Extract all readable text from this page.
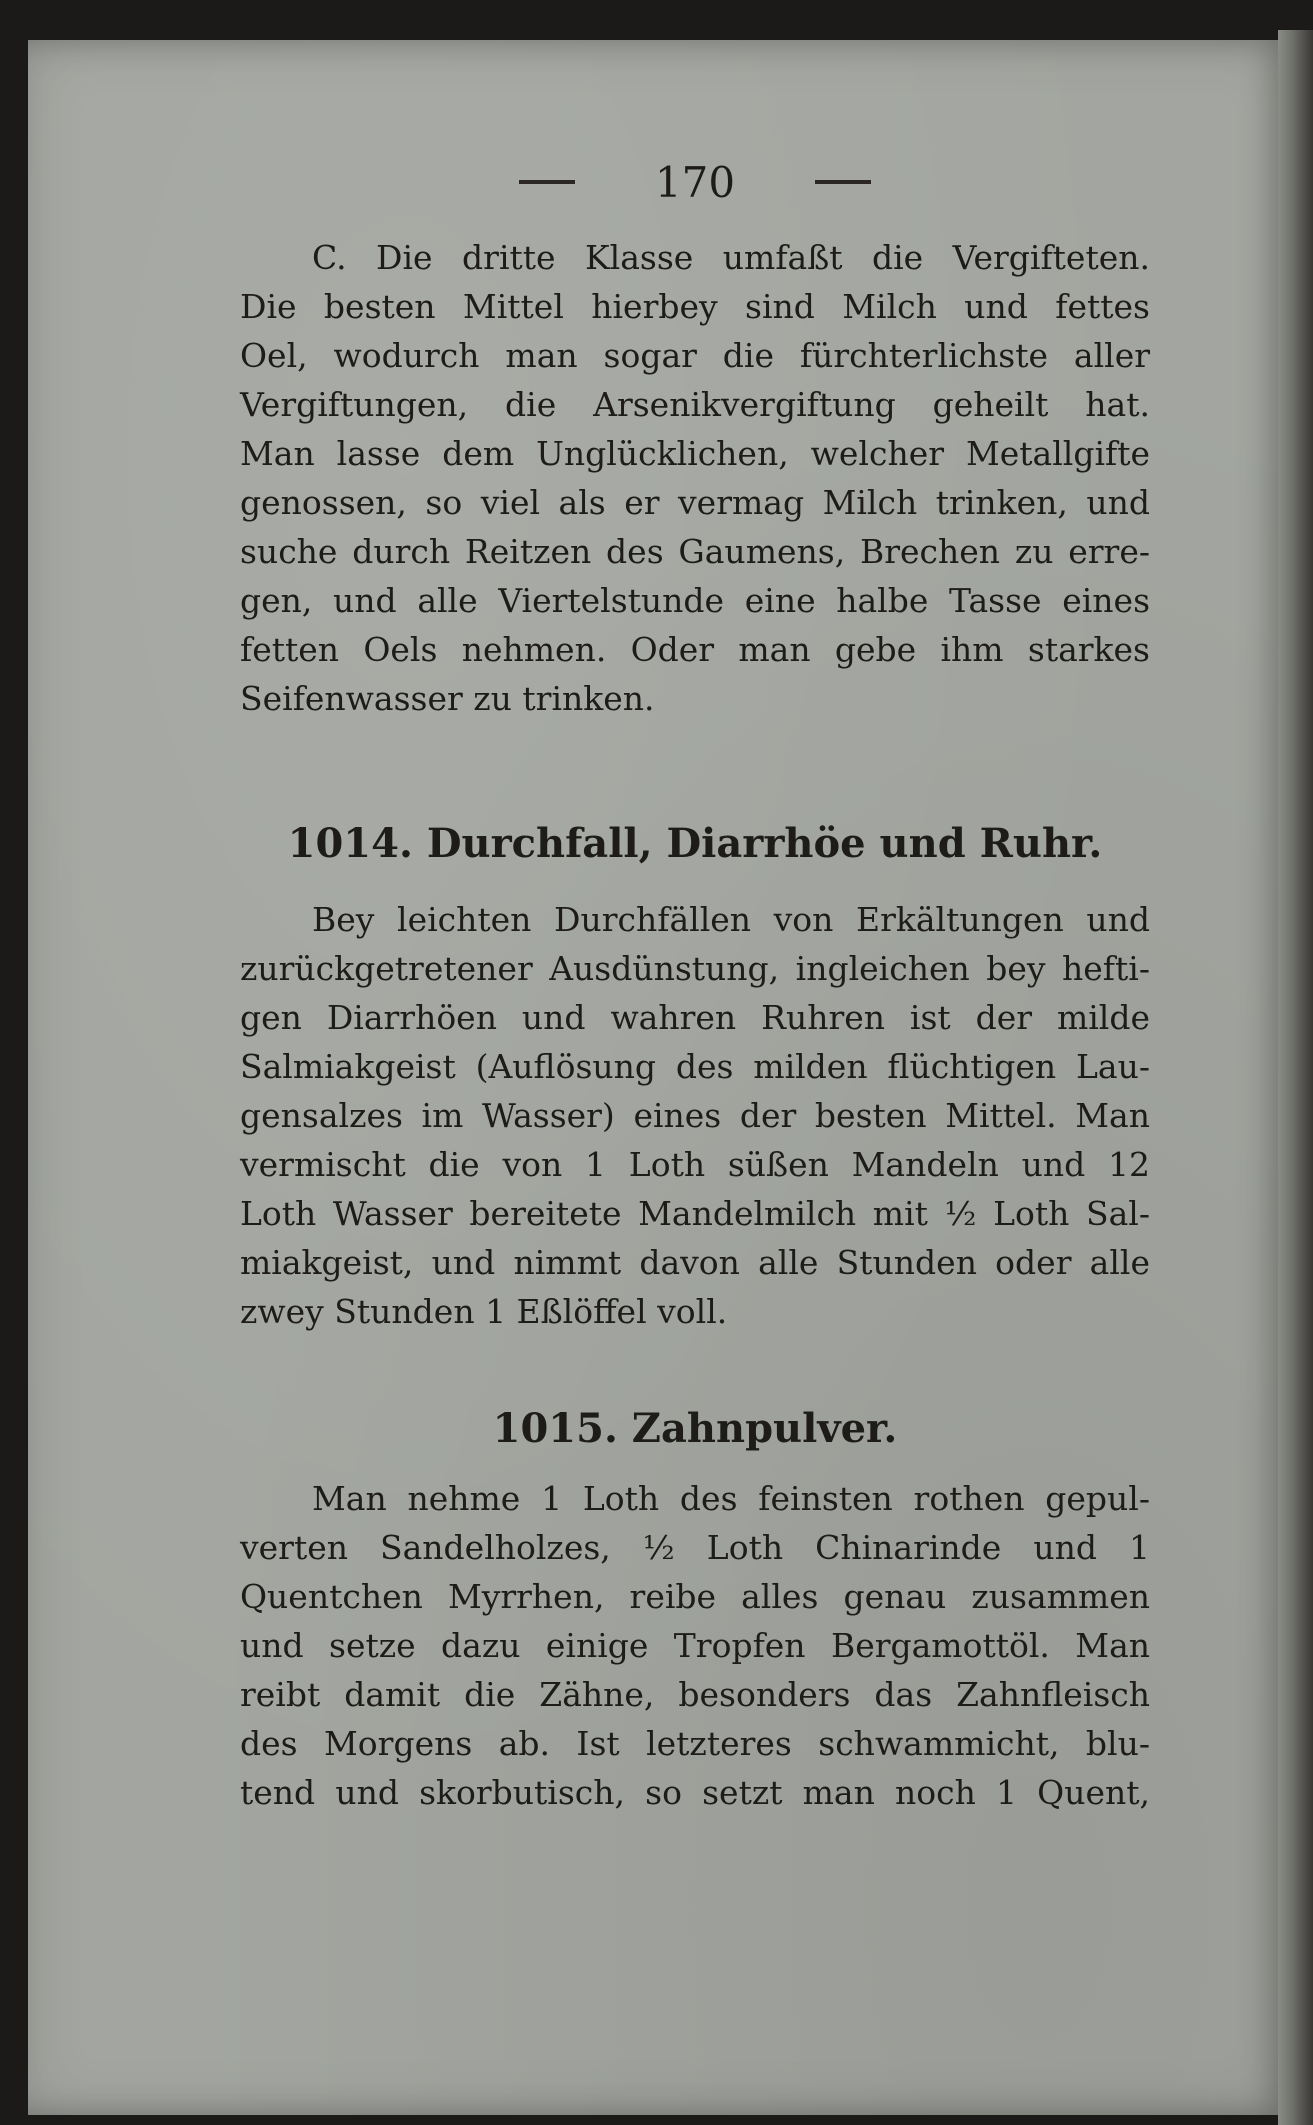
170
C. Die dritte Klasse umfaßt die Vergifteten.
Die besten Mittel hierbey sind Milch und fettes
Oel, wodurch man sogar die fürchterlichste aller
Vergiftungen, die Arsenikvergiftung geheilt hat.
Man lasse dem Unglücklichen, welcher Metallgifte
genossen, so viel als er vermag Milch trinken, und
suche durch Reitzen des Gaumens, Brechen zu erre-
gen, und alle Viertelstunde eine halbe Tasse eines
fetten Oels nehmen. Oder man gebe ihm starkes
Seifenwasser zu trinken.
1014. Durchfall, Diarrhöe und Ruhr.
Bey leichten Durchfällen von Erkältungen und
zurückgetretener Ausdünstung, ingleichen bey hefti-
gen Diarrhöen und wahren Ruhren ist der milde
Salmiakgeist (Auflösung des milden flüchtigen Lau-
gensalzes im Wasser) eines der besten Mittel. Man
vermischt die von 1 Loth süßen Mandeln und 12
Loth Wasser bereitete Mandelmilch mit ½ Loth Sal-
miakgeist, und nimmt davon alle Stunden oder alle
zwey Stunden 1 Eßlöffel voll.
1015. Zahnpulver.
Man nehme 1 Loth des feinsten rothen gepul-
verten Sandelholzes, ½ Loth Chinarinde und 1
Quentchen Myrrhen, reibe alles genau zusammen
und setze dazu einige Tropfen Bergamottöl. Man
reibt damit die Zähne, besonders das Zahnfleisch
des Morgens ab. Ist letzteres schwammicht, blu-
tend und skorbutisch, so setzt man noch 1 Quent,
